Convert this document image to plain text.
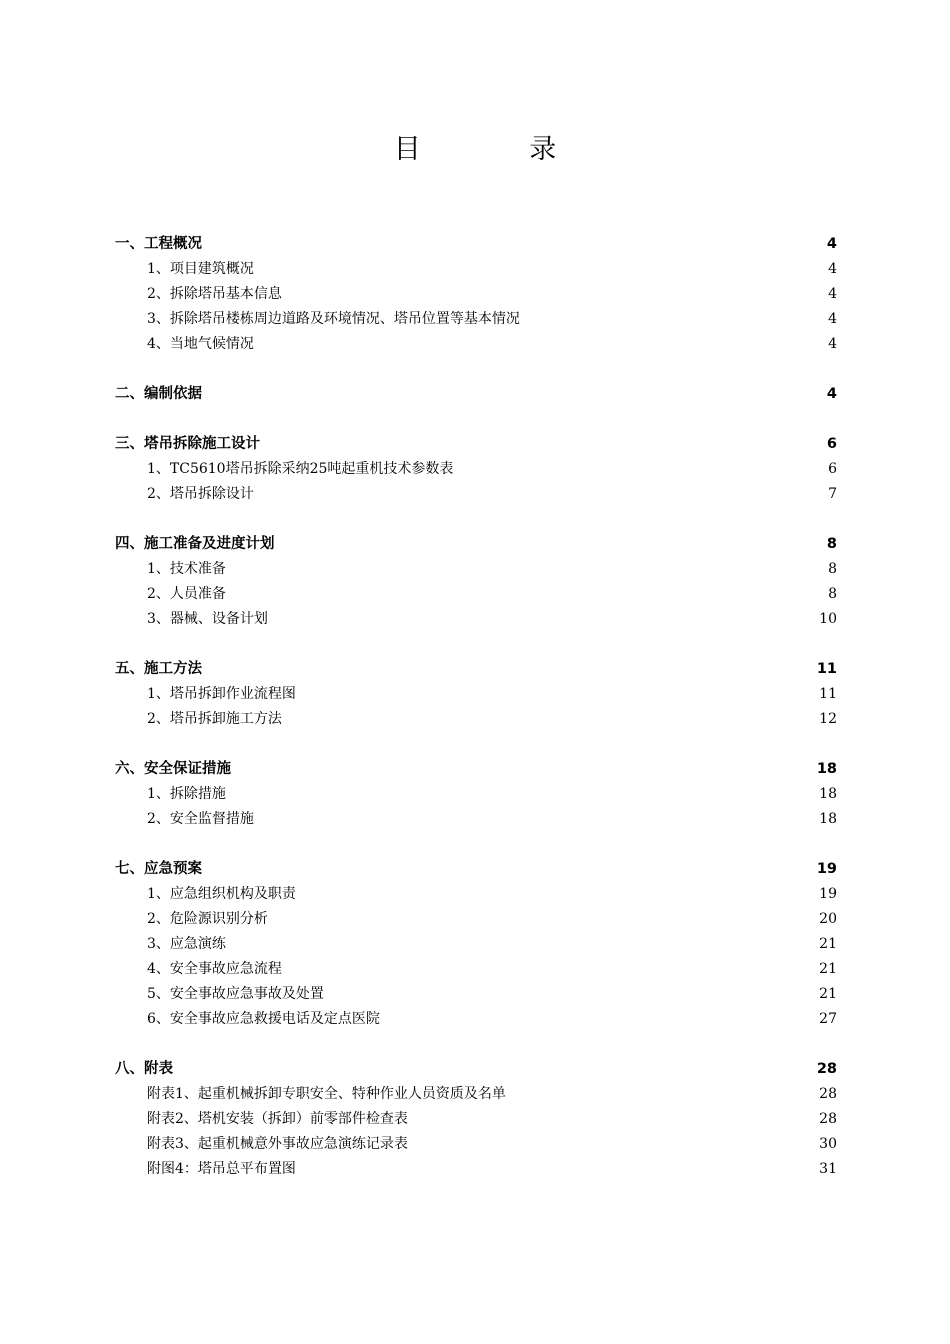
目 录
一、工程概况	4
1、项目建筑概况	4
2、拆除塔吊基本信息	4
3、拆除塔吊楼栋周边道路及环境情况、塔吊位置等基本情况	4
4、当地气候情况	4
二、编制依据	4
三、塔吊拆除施工设计	6
1、TC5610塔吊拆除采纳25吨起重机技术参数表	6
2、塔吊拆除设计	7
四、施工准备及进度计划	8
1、技术准备	8
2、人员准备	8
3、器械、设备计划	10
五、施工方法	11
1、塔吊拆卸作业流程图	11
2、塔吊拆卸施工方法	12
六、安全保证措施	18
1、拆除措施	18
2、安全监督措施	18
七、应急预案	19
1、应急组织机构及职责	19
2、危险源识别分析	20
3、应急演练	21
4、安全事故应急流程	21
5、安全事故应急事故及处置	21
6、安全事故应急救援电话及定点医院	27
八、附表	28
附表1、起重机械拆卸专职安全、特种作业人员资质及名单	28
附表2、塔机安装（拆卸）前零部件检查表	28
附表3、起重机械意外事故应急演练记录表	30
附图4：塔吊总平布置图	31
